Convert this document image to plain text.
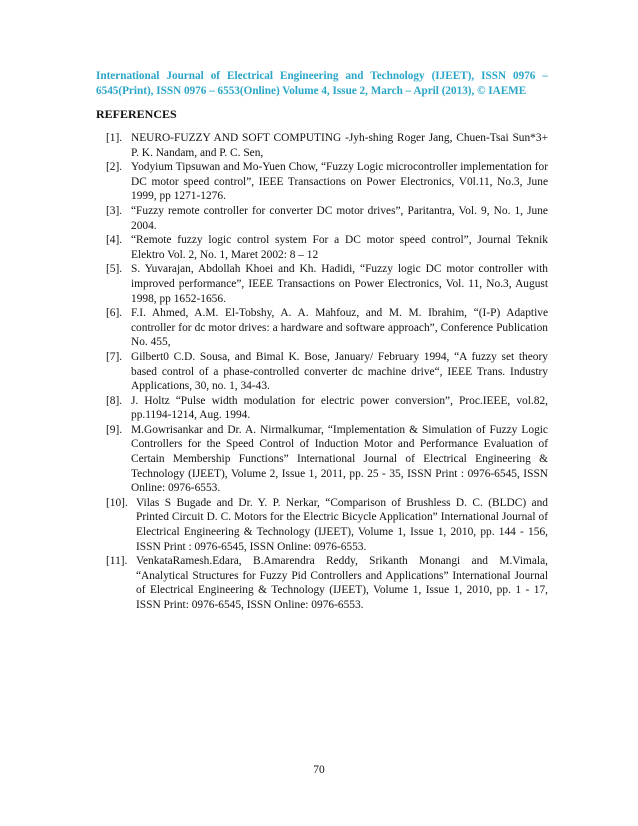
International Journal of Electrical Engineering and Technology (IJEET), ISSN 0976 –
6545(Print), ISSN 0976 – 6553(Online) Volume 4, Issue 2, March – April (2013), © IAEME
REFERENCES
[1]. NEURO-FUZZY AND SOFT COMPUTING -Jyh-shing Roger Jang, Chuen-Tsai Sun*3+ P. K. Nandam, and P. C. Sen,
[2]. Yodyium Tipsuwan and Mo-Yuen Chow, “Fuzzy Logic microcontroller implementation for DC motor speed control”, IEEE Transactions on Power Electronics, V0l.11, No.3, June 1999, pp 1271-1276.
[3]. “Fuzzy remote controller for converter DC motor drives”, Paritantra, Vol. 9, No. 1, June 2004.
[4]. “Remote fuzzy logic control system For a DC motor speed control”, Journal Teknik Elektro Vol. 2, No. 1, Maret 2002: 8 – 12
[5]. S. Yuvarajan, Abdollah Khoei and Kh. Hadidi, “Fuzzy logic DC motor controller with improved performance”, IEEE Transactions on Power Electronics, Vol. 11, No.3, August 1998, pp 1652-1656.
[6]. F.I. Ahmed, A.M. El-Tobshy, A. A. Mahfouz, and M. M. Ibrahim, “(I-P) Adaptive controller for dc motor drives: a hardware and software approach”, Conference Publication No. 455,
[7]. Gilbert0 C.D. Sousa, and Bimal K. Bose, January/ February 1994, “A fuzzy set theory based control of a phase-controlled converter dc machine drive“, IEEE Trans. Industry Applications, 30, no. 1, 34-43.
[8]. J. Holtz “Pulse width modulation for electric power conversion”, Proc.IEEE, vol.82, pp.1194-1214, Aug. 1994.
[9]. M.Gowrisankar and Dr. A. Nirmalkumar, “Implementation & Simulation of Fuzzy Logic Controllers for the Speed Control of Induction Motor and Performance Evaluation of Certain Membership Functions” International Journal of Electrical Engineering & Technology (IJEET), Volume 2, Issue 1, 2011, pp. 25 - 35, ISSN Print : 0976-6545, ISSN Online: 0976-6553.
[10]. Vilas S Bugade and Dr. Y. P. Nerkar, “Comparison of Brushless D. C. (BLDC) and Printed Circuit D. C. Motors for the Electric Bicycle Application” International Journal of Electrical Engineering & Technology (IJEET), Volume 1, Issue 1, 2010, pp. 144 - 156, ISSN Print : 0976-6545, ISSN Online: 0976-6553.
[11]. VenkataRamesh.Edara, B.Amarendra Reddy, Srikanth Monangi and M.Vimala, “Analytical Structures for Fuzzy Pid Controllers and Applications” International Journal of Electrical Engineering & Technology (IJEET), Volume 1, Issue 1, 2010, pp. 1 - 17, ISSN Print: 0976-6545, ISSN Online: 0976-6553.
70
